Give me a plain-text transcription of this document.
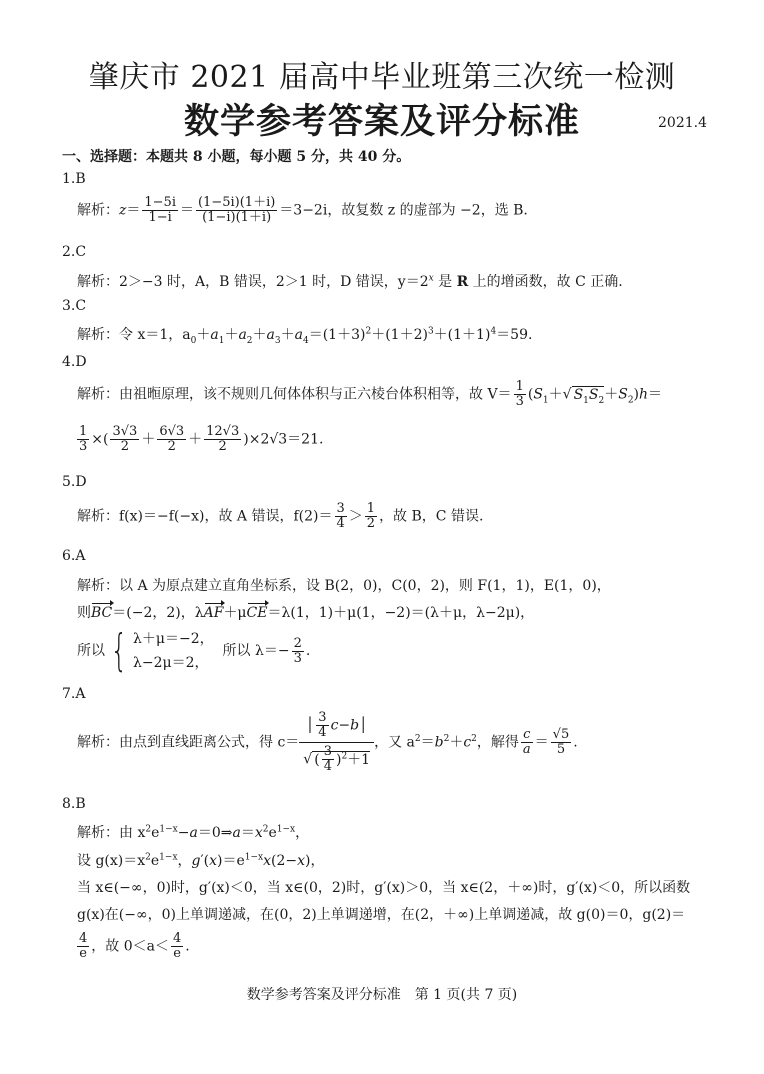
肇庆市 2021 届高中毕业班第三次统一检测
数学参考答案及评分标准	2021.4
一、选择题：本题共 8 小题，每小题 5 分，共 40 分。
1.B
解析：$z= \frac{1-5i}{1-i} = \frac{(1-5i)(1+i)}{(1-i)(1+i)} =3-2i$，故复数 z 的虚部为 −2，选 B.
2.C
解析：2＞−3 时，A，B 错误，2＞1 时，D 错误，$y=2^x$ 是 R 上的增函数，故 C 正确.
3.C
解析：令 x＝1，$a_0+a_1+a_2+a_3+a_4=(1+3)^2+(1+2)^3+(1+1)^4=59$.
4.D
解析：由祖暅原理，该不规则几何体体积与正六棱台体积相等，故 $V= \frac{1}{3} (S_1+√$ $S_1S_2+S_2)h=$
$\frac{1}{3}$ ×( $\frac{3√3}{2} + \frac{6√3}{2} + \frac{12√3}{2} )\times 2√3=21$.
5.D
解析：f(x)＝−f(−x)，故 A 错误，$f(2)= \frac{3}{4} > \frac{1}{2}$ ，故 B，C 错误.
6.A
解析：以 A 为原点建立直角坐标系，设 B(2，0)，C(0，2)，则 F(1，1)，E(1，0)，
则BC＝(−2，2)，λAF＋μCE＝λ(1，1)＋μ(1，−2)＝(λ＋μ，λ−2μ)，
所以 { λ＋μ＝−2，
λ−2μ＝2，  所以 $\lambda=- \frac{2}{3}$ .
7.A
解析：由点到直线距离公式，得 $c= \frac{│ \frac{3}{4} c-b│}{√ ( \frac{3}{4} )^2+1}$ ，又 $a^2=b^2+c^2$，解得 $\frac{c}{a} = \frac{√5}{5}$ .
8.B
解析：由 $x^2e^{1-x}-a=0\Rightarrow a=x^2e^{1-x}$，
设 $g(x)=x^2e^{1-x}$，$g'(x)=e^{1-x}x(2-x)$，
当 x∈(−∞，0)时，g′(x)＜0，当 x∈(0，2)时，g′(x)＞0，当 x∈(2，＋∞)时，g′(x)＜0，所以函数
g(x)在(−∞，0)上单调递减，在(0，2)上单调递增，在(2，＋∞)上单调递减，故 g(0)＝0，g(2)＝
$\frac{4}{e}$ ，故 $0<a< \frac{4}{e}$ .
数学参考答案及评分标准　第 1 页(共 7 页)
